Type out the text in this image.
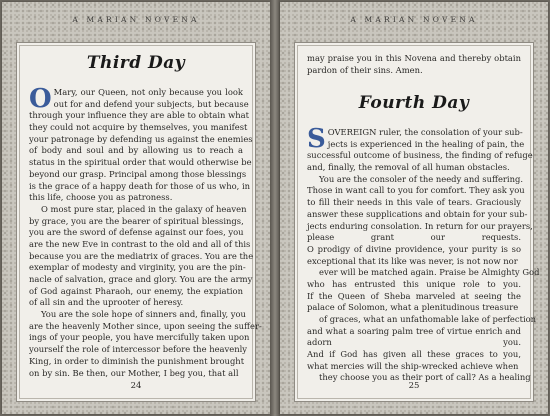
A MARIAN NOVENA
Third Day
O Mary, our Queen, not only because you look
out for and defend your subjects, but because
through your influence they are able to obtain what
they could not acquire by themselves, you manifest
your patronage by defending us against the enemies
of body and soul and by allowing us to reach a
status in the spiritual order that would otherwise be
beyond our grasp. Principal among those blessings
is the grace of a happy death for those of us who, in
this life, choose you as patroness.
O most pure star, placed in the galaxy of heaven
by grace, you are the bearer of spiritual blessings,
you are the sword of defense against our foes, you
are the new Eve in contrast to the old and all of this
because you are the mediatrix of graces. You are the
exemplar of modesty and virginity, you are the pin-
nacle of salvation, grace and glory. You are the army
of God against Pharaoh, our enemy, the expiation
of all sin and the uprooter of heresy.
You are the sole hope of sinners and, finally, you
are the heavenly Mother since, upon seeing the suffer-
ings of your people, you have mercifully taken upon
yourself the role of intercessor before the heavenly
King, in order to diminish the punishment brought
on by sin. Be then, our Mother, I beg you, that all
24
A MARIAN NOVENA
may praise you in this Novena and thereby obtain
pardon of their sins. Amen.
Fourth Day
S OVEREIGN ruler, the consolation of your sub-
jects is experienced in the healing of pain, the
successful outcome of business, the finding of refuge
and, finally, the removal of all human obstacles.
You are the consoler of the needy and suffering.
Those in want call to you for comfort. They ask you
to fill their needs in this vale of tears. Graciously
answer these supplications and obtain for your sub-
jects enduring consolation. In return for our prayers,
please grant our requests.
O prodigy of divine providence, your purity is so
exceptional that its like was never, is not now nor
ever will be matched again. Praise be Almighty God
who has entrusted this unique role to you.
If the Queen of Sheba marveled at seeing the
palace of Solomon, what a plenitudinous treasure
of graces, what an unfathomable lake of perfection
and what a soaring palm tree of virtue enrich and
adorn you.
And if God has given all these graces to you,
what mercies will the ship-wrecked achieve when
they choose you as their port of call? As a healing
25
